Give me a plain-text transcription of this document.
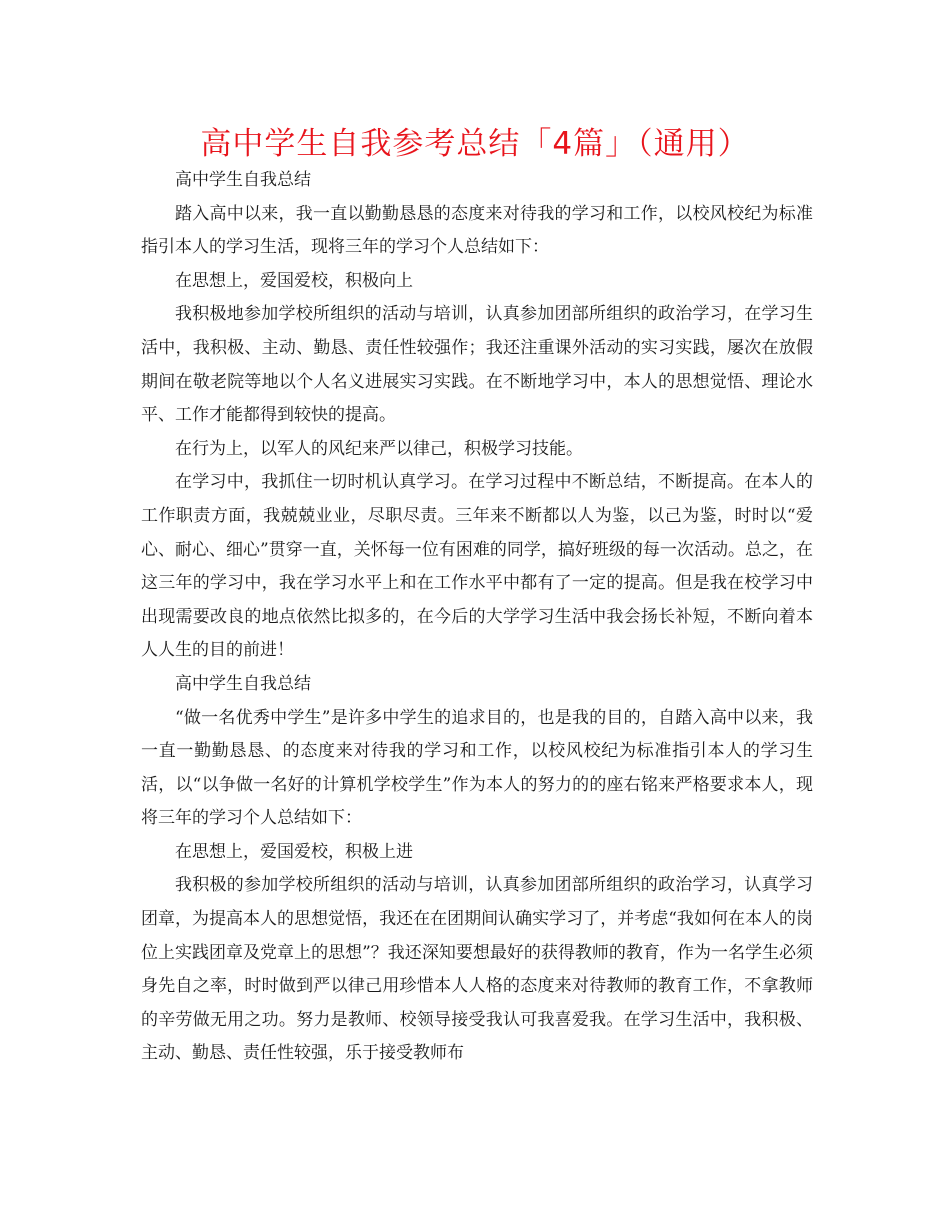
高中学生自我参考总结「4篇」（通用）

高中学生自我总结

踏入高中以来，我一直以勤勤恳恳的态度来对待我的学习和工作，以校风校纪为标准指引本人的学习生活，现将三年的学习个人总结如下：

在思想上，爱国爱校，积极向上

我积极地参加学校所组织的活动与培训，认真参加团部所组织的政治学习，在学习生活中，我积极、主动、勤恳、责任性较强作；我还注重课外活动的实习实践，屡次在放假期间在敬老院等地以个人名义进展实习实践。在不断地学习中，本人的思想觉悟、理论水平、工作才能都得到较快的提高。

在行为上，以军人的风纪来严以律己，积极学习技能。

在学习中，我抓住一切时机认真学习。在学习过程中不断总结，不断提高。在本人的工作职责方面，我兢兢业业，尽职尽责。三年来不断都以人为鉴，以己为鉴，时时以“爱心、耐心、细心”贯穿一直，关怀每一位有困难的同学，搞好班级的每一次活动。总之，在这三年的学习中，我在学习水平上和在工作水平中都有了一定的提高。但是我在校学习中出现需要改良的地点依然比拟多的，在今后的大学学习生活中我会扬长补短，不断向着本人人生的目的前进！

高中学生自我总结

“做一名优秀中学生”是许多中学生的追求目的，也是我的目的，自踏入高中以来，我一直一勤勤恳恳、的态度来对待我的学习和工作，以校风校纪为标准指引本人的学习生活，以“以争做一名好的计算机学校学生”作为本人的努力的的座右铭来严格要求本人，现将三年的学习个人总结如下：

在思想上，爱国爱校，积极上进

我积极的参加学校所组织的活动与培训，认真参加团部所组织的政治学习，认真学习团章，为提高本人的思想觉悟，我还在在团期间认确实学习了，并考虑“我如何在本人的岗位上实践团章及党章上的思想”？我还深知要想最好的获得教师的教育，作为一名学生必须身先自之率，时时做到严以律己用珍惜本人人格的态度来对待教师的教育工作，不拿教师的辛劳做无用之功。努力是教师、校领导接受我认可我喜爱我。在学习生活中，我积极、主动、勤恳、责任性较强，乐于接受教师布
